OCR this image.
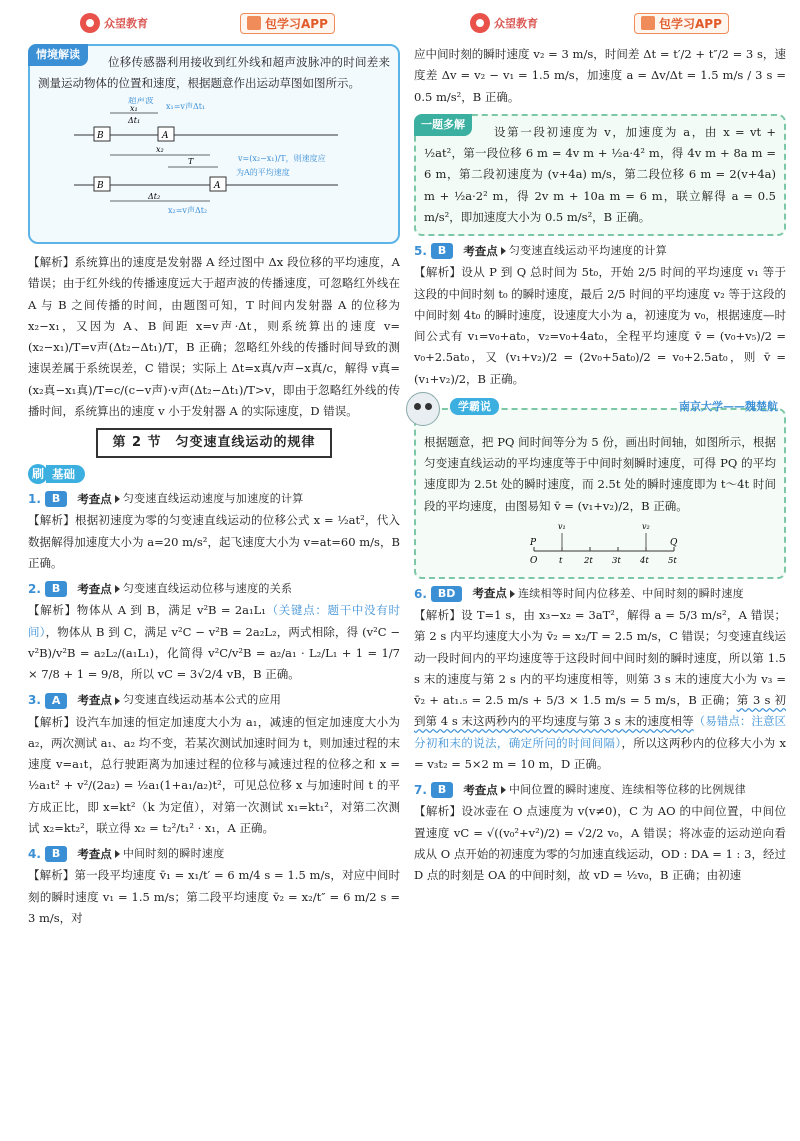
众望教育	包学习APP	众望教育	包学习APP
情境解读

位移传感器利用接收到红外线和超声波脉冲的时间差来测量运动物体的位置和速度，根据题意作出运动草图如图所示。

B	A
B	A
超声波
x₁
Δt₁
x₁=v声Δt₁
x₂
T	v=(x₂−x₁)/T，则速度应
为A的平均速度
Δt₂
x₂=v声Δt₂

【解析】系统算出的速度是发射器 A 经过图中 Δx 段位移的平均速度，A 错误；由于红外线的传播速度远大于超声波的传播速度，可忽略红外线在 A 与 B 之间传播的时间，由题图可知，T 时间内发射器 A 的位移为 x₂−x₁，又因为 A、B 间距 x=v声·Δt，则系统算出的速度 v=(x₂−x₁)/T=v声(Δt₂−Δt₁)/T，B 正确；忽略红外线的传播时间导致的测速误差属于系统误差，C 错误；实际上 Δt=x真/v声−x真/c，解得 v真=(x₂真−x₁真)/T=c/(c−v声)·v声(Δt₂−Δt₁)/T>v，即由于忽略红外线的传播时间，系统算出的速度 v 小于发射器 A 的实际速度，D 错误。

第 2 节　匀变速直线运动的规律
刷 基础
1.	B	考查点 匀变速直线运动速度与加速度的计算

【解析】根据初速度为零的匀变速直线运动的位移公式 x = ½at²，代入数据解得加速度大小为 a=20 m/s²，起飞速度大小为 v=at=60 m/s，B 正确。

2.	B	考查点 匀变速直线运动位移与速度的关系

【解析】物体从 A 到 B，满足 v²B = 2a₁L₁（关键点：题干中没有时间），物体从 B 到 C，满足 v²C − v²B = 2a₂L₂，两式相除，得 (v²C − v²B)/v²B = a₂L₂/(a₁L₁)，化简得 v²C/v²B = a₂/a₁ · L₂/L₁ + 1 = 1/7 × 7/8 + 1 = 9/8，所以 vC = 3√2/4 vB，B 正确。

3.	A	考查点 匀变速直线运动基本公式的应用

【解析】设汽车加速的恒定加速度大小为 a₁，减速的恒定加速度大小为 a₂，两次测试 a₁、a₂ 均不变，若某次测试加速时间为 t，则加速过程的末速度 v=a₁t，总行驶距离为加速过程的位移与减速过程的位移之和 x = ½a₁t² + v²/(2a₂) = ½a₁(1+a₁/a₂)t²，可见总位移 x 与加速时间 t 的平方成正比，即 x=kt²（k 为定值），对第一次测试 x₁=kt₁²，对第二次测试 x₂=kt₂²，联立得 x₂ = t₂²/t₁² · x₁，A 正确。

4.	B	考查点 中间时刻的瞬时速度

【解析】第一段平均速度 v̄₁ = x₁/t′ = 6 m/4 s = 1.5 m/s，对应中间时刻的瞬时速度 v₁ = 1.5 m/s；第二段平均速度 v̄₂ = x₂/t″ = 6 m/2 s = 3 m/s，对

应中间时刻的瞬时速度 v₂ = 3 m/s，时间差 Δt = t′/2 + t″/2 = 3 s，速度差 Δv = v₂ − v₁ = 1.5 m/s，加速度 a = Δv/Δt = 1.5 m/s / 3 s = 0.5 m/s²，B 正确。

一题多解

设第一段初速度为 v，加速度为 a，由 x = vt + ½at²，第一段位移 6 m = 4v m + ½a·4² m，得 4v m + 8a m = 6 m，第二段初速度为 (v+4a) m/s，第二段位移 6 m = 2(v+4a) m + ½a·2² m，得 2v m + 10a m = 6 m，联立解得 a = 0.5 m/s²，即加速度大小为 0.5 m/s²，B 正确。

5.	B	考查点 匀变速直线运动平均速度的计算

【解析】设从 P 到 Q 总时间为 5t₀，开始 2/5 时间的平均速度 v₁ 等于这段的中间时刻 t₀ 的瞬时速度，最后 2/5 时间的平均速度 v₂ 等于这段的中间时刻 4t₀ 的瞬时速度，设速度大小为 a，初速度为 v₀，根据速度—时间公式有 v₁=v₀+at₀，v₂=v₀+4at₀，全程平均速度 v̄ = (v₀+v₅)/2 = v₀+2.5at₀，又 (v₁+v₂)/2 = (2v₀+5at₀)/2 = v₀+2.5at₀，则 v̄ = (v₁+v₂)/2，B 正确。

学霸说	南京大学——魏楚航

根据题意，把 PQ 间时间等分为 5 份，画出时间轴，如图所示，根据匀变速直线运动的平均速度等于中间时刻瞬时速度，可得 PQ 的平均速度即为 2.5t 处的瞬时速度，而 2.5t 处的瞬时速度即为 t～4t 时间段的平均速度，由图易知 v̄ = (v₁+v₂)/2，B 正确。

P	Q
O
v₁	v₂
t	2t 3t 4t 5t
6.	BD	考查点 连续相等时间内位移差、中间时刻的瞬时速度

【解析】设 T=1 s，由 x₃−x₂ = 3aT²，解得 a = 5/3 m/s²，A 错误；第 2 s 内平均速度大小为 v̄₂ = x₂/T = 2.5 m/s，C 错误；匀变速直线运动一段时间内的平均速度等于这段时间中间时刻的瞬时速度，所以第 1.5 s 末的速度与第 2 s 内的平均速度相等，则第 3 s 末的速度大小为 v₃ = v̄₂ + at₁.₅ = 2.5 m/s + 5/3 × 1.5 m/s = 5 m/s，B 正确；第 3 s 初到第 4 s 末这两秒内的平均速度与第 3 s 末的速度相等（易错点：注意区分初和末的说法，确定所问的时间间隔），所以这两秒内的位移大小为 x = v₃t₂ = 5×2 m = 10 m，D 正确。

7.	B	考查点 中间位置的瞬时速度、连续相等位移的比例规律

【解析】设冰壶在 O 点速度为 v(v≠0)，C 为 AO 的中间位置，中间位置速度 vC = √((v₀²+v²)/2) = √2/2 v₀，A 错误；将冰壶的运动逆向看成从 O 点开始的初速度为零的匀加速直线运动，OD : DA = 1 : 3，经过 D 点的时刻是 OA 的中间时刻，故 vD = ½v₀，B 正确；由初速
